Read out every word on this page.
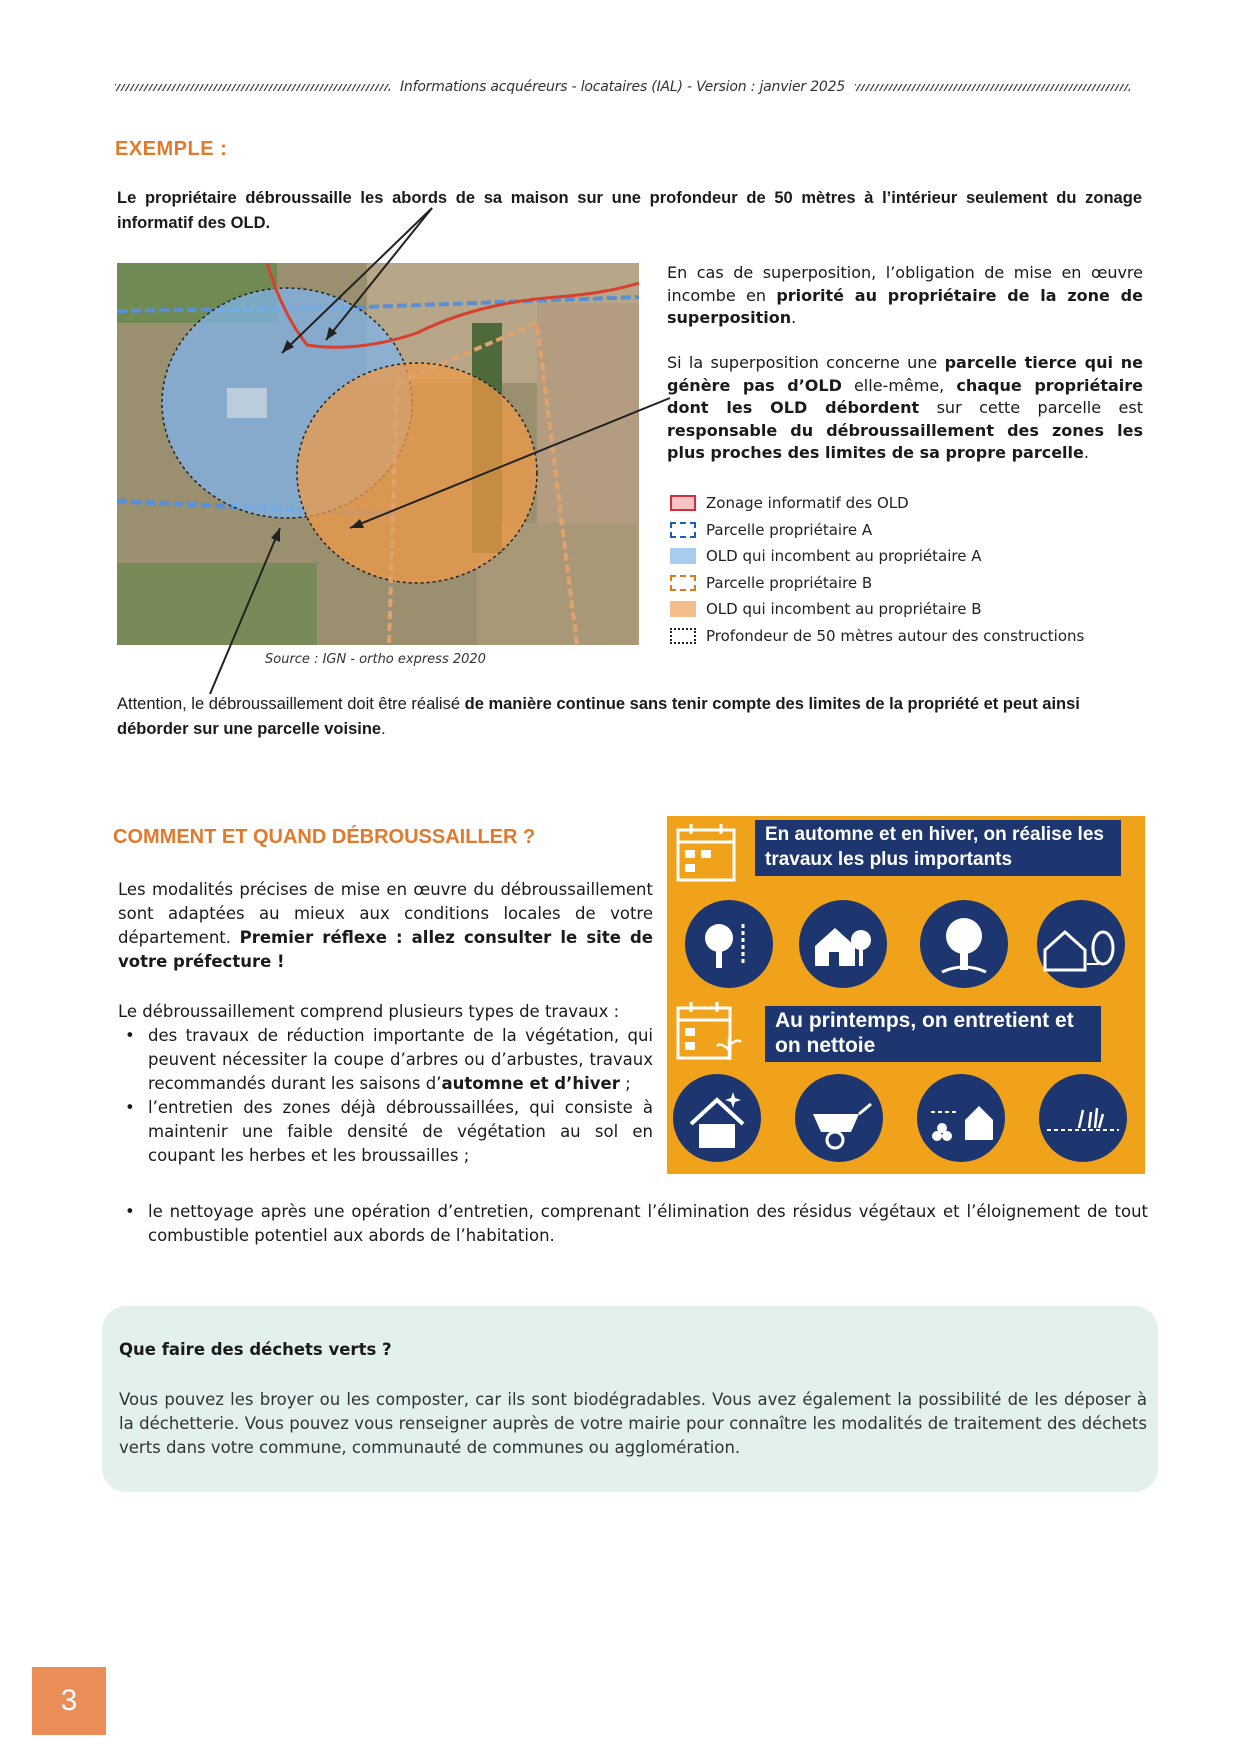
Informations acquéreurs - locataires (IAL) - Version : janvier 2025
EXEMPLE :
Le propriétaire débroussaille les abords de sa maison sur une profondeur de 50 mètres à l’intérieur seulement du zonage informatif des OLD.
Source : IGN - ortho express 2020
En cas de superposition, l’obligation de mise en œuvre incombe en priorité au propriétaire de la zone de superposition.
Si la superposition concerne une parcelle tierce qui ne génère pas d’OLD elle-même, chaque propriétaire dont les OLD débordent sur cette parcelle est responsable du débroussaillement des zones les plus proches des limites de sa propre parcelle.
Zonage informatif des OLD
Parcelle propriétaire A
OLD qui incombent au propriétaire A
Parcelle propriétaire B
OLD qui incombent au propriétaire B
Profondeur de 50 mètres autour des constructions
Attention, le débroussaillement doit être réalisé de manière continue sans tenir compte des limites de la propriété et peut ainsi déborder sur une parcelle voisine.
COMMENT ET QUAND DÉBROUSSAILLER ?
Les modalités précises de mise en œuvre du débroussaillement sont adaptées au mieux aux conditions locales de votre département. Premier réflexe : allez consulter le site de votre préfecture !
Le débroussaillement comprend plusieurs types de travaux :
• des travaux de réduction importante de la végétation, qui peuvent nécessiter la coupe d’arbres ou d’arbustes, travaux recommandés durant les saisons d’automne et d’hiver ;
• l’entretien des zones déjà débroussaillées, qui consiste à maintenir une faible densité de végétation au sol en coupant les herbes et les broussailles ;
• le nettoyage après une opération d’entretien, comprenant l’élimination des résidus végétaux et l’éloignement de tout combustible potentiel aux abords de l’habitation.
En automne et en hiver, on réalise les travaux les plus importants
Au printemps, on entretient et on nettoie
Que faire des déchets verts ?
Vous pouvez les broyer ou les composter, car ils sont biodégradables. Vous avez également la possibilité de les déposer à la déchetterie. Vous pouvez vous renseigner auprès de votre mairie pour connaître les modalités de traitement des déchets verts dans votre commune, communauté de communes ou agglomération.
3
